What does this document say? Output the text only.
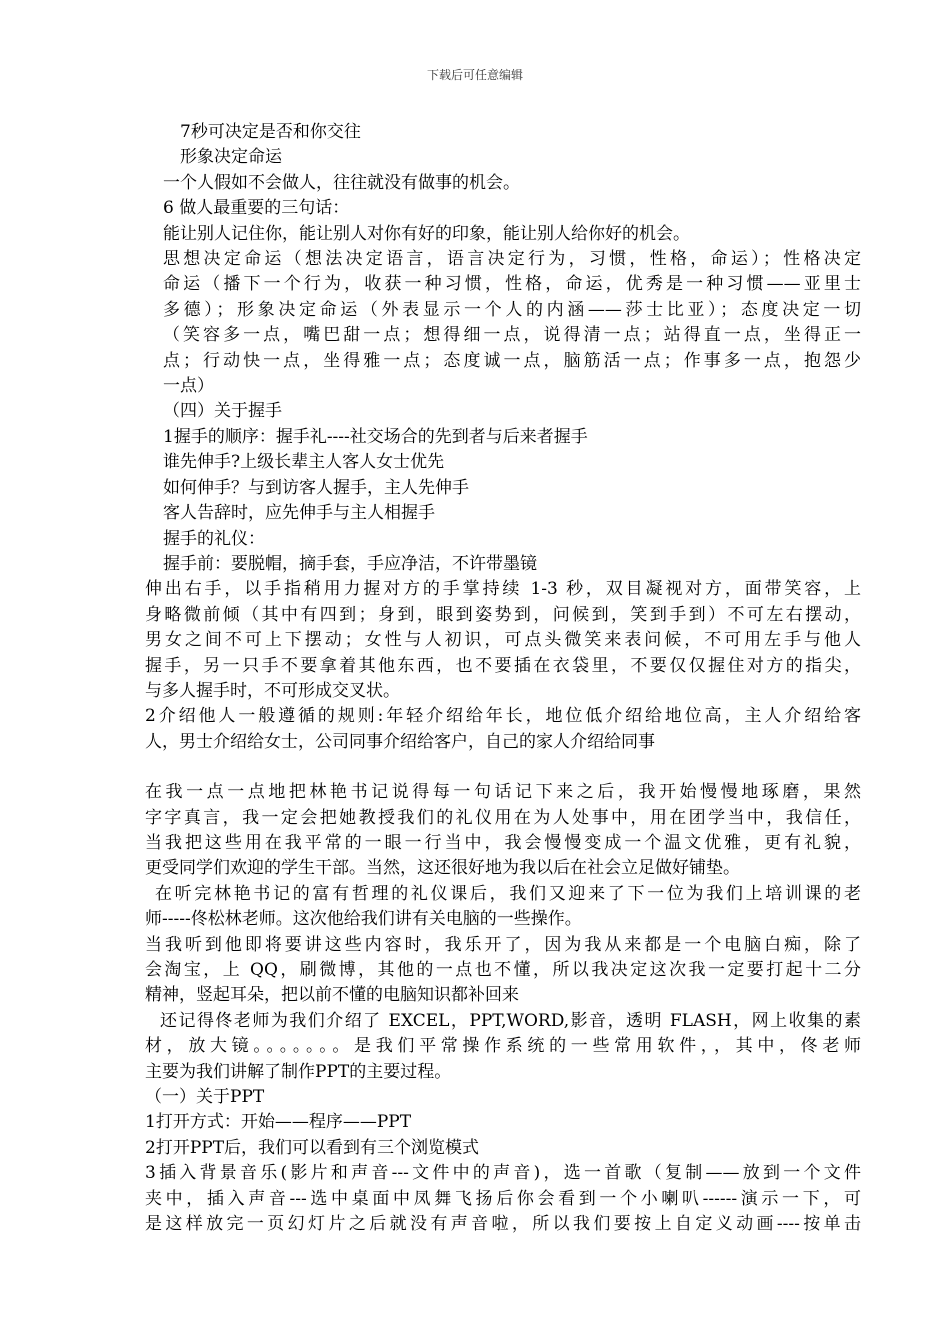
下载后可任意编辑
7秒可决定是否和你交往
形象决定命运
一个人假如不会做人，往往就没有做事的机会。
6 做人最重要的三句话：
能让别人记住你，能让别人对你有好的印象，能让别人给你好的机会。
思想决定命运（想法决定语言，语言决定行为，习惯，性格，命运）；性格决定
命运（播下一个行为，收获一种习惯，性格，命运，优秀是一种习惯——亚里士
多德）；形象决定命运（外表显示一个人的内涵——莎士比亚）；态度决定一切
（笑容多一点，嘴巴甜一点；想得细一点，说得清一点；站得直一点，坐得正一
点；行动快一点，坐得雅一点；态度诚一点，脑筋活一点；作事多一点，抱怨少
一点）
（四）关于握手
1握手的顺序：握手礼----社交场合的先到者与后来者握手
谁先伸手?上级长辈主人客人女士优先
如何伸手？与到访客人握手，主人先伸手
客人告辞时，应先伸手与主人相握手
握手的礼仪：
握手前：要脱帽，摘手套，手应净洁，不许带墨镜
伸出右手，以手指稍用力握对方的手掌持续 1-3 秒，双目凝视对方，面带笑容，上
身略微前倾（其中有四到；身到，眼到姿势到，问候到，笑到手到）不可左右摆动，
男女之间不可上下摆动；女性与人初识，可点头微笑来表问候，不可用左手与他人
握手，另一只手不要拿着其他东西，也不要插在衣袋里，不要仅仅握住对方的指尖，
与多人握手时，不可形成交叉状。
2介绍他人一般遵循的规则:年轻介绍给年长，地位低介绍给地位高，主人介绍给客
人，男士介绍给女士，公司同事介绍给客户，自己的家人介绍给同事
在我一点一点地把林艳书记说得每一句话记下来之后，我开始慢慢地琢磨，果然
字字真言，我一定会把她教授我们的礼仪用在为人处事中，用在团学当中，我信任，
当我把这些用在我平常的一眼一行当中，我会慢慢变成一个温文优雅，更有礼貌，
更受同学们欢迎的学生干部。当然，这还很好地为我以后在社会立足做好铺垫。
在听完林艳书记的富有哲理的礼仪课后，我们又迎来了下一位为我们上培训课的老
师-----佟松林老师。这次他给我们讲有关电脑的一些操作。
当我听到他即将要讲这些内容时，我乐开了，因为我从来都是一个电脑白痴，除了
会淘宝，上 QQ，刷微博，其他的一点也不懂，所以我决定这次我一定要打起十二分
精神，竖起耳朵，把以前不懂的电脑知识都补回来
还记得佟老师为我们介绍了 EXCEL，PPT,WORD,影音，透明 FLASH，网上收集的素
材，放大镜。。。。。。。是我们平常操作系统的一些常用软件，，其中，佟老师
主要为我们讲解了制作PPT的主要过程。
（一）关于PPT
1打开方式：开始——程序——PPT
2打开PPT后，我们可以看到有三个浏览模式
3插入背景音乐(影片和声音---文件中的声音)，选一首歌（复制——放到一个文件
夹中，插入声音---选中桌面中凤舞飞扬后你会看到一个小喇叭------演示一下，可
是这样放完一页幻灯片之后就没有声音啦，所以我们要按上自定义动画----按单击
